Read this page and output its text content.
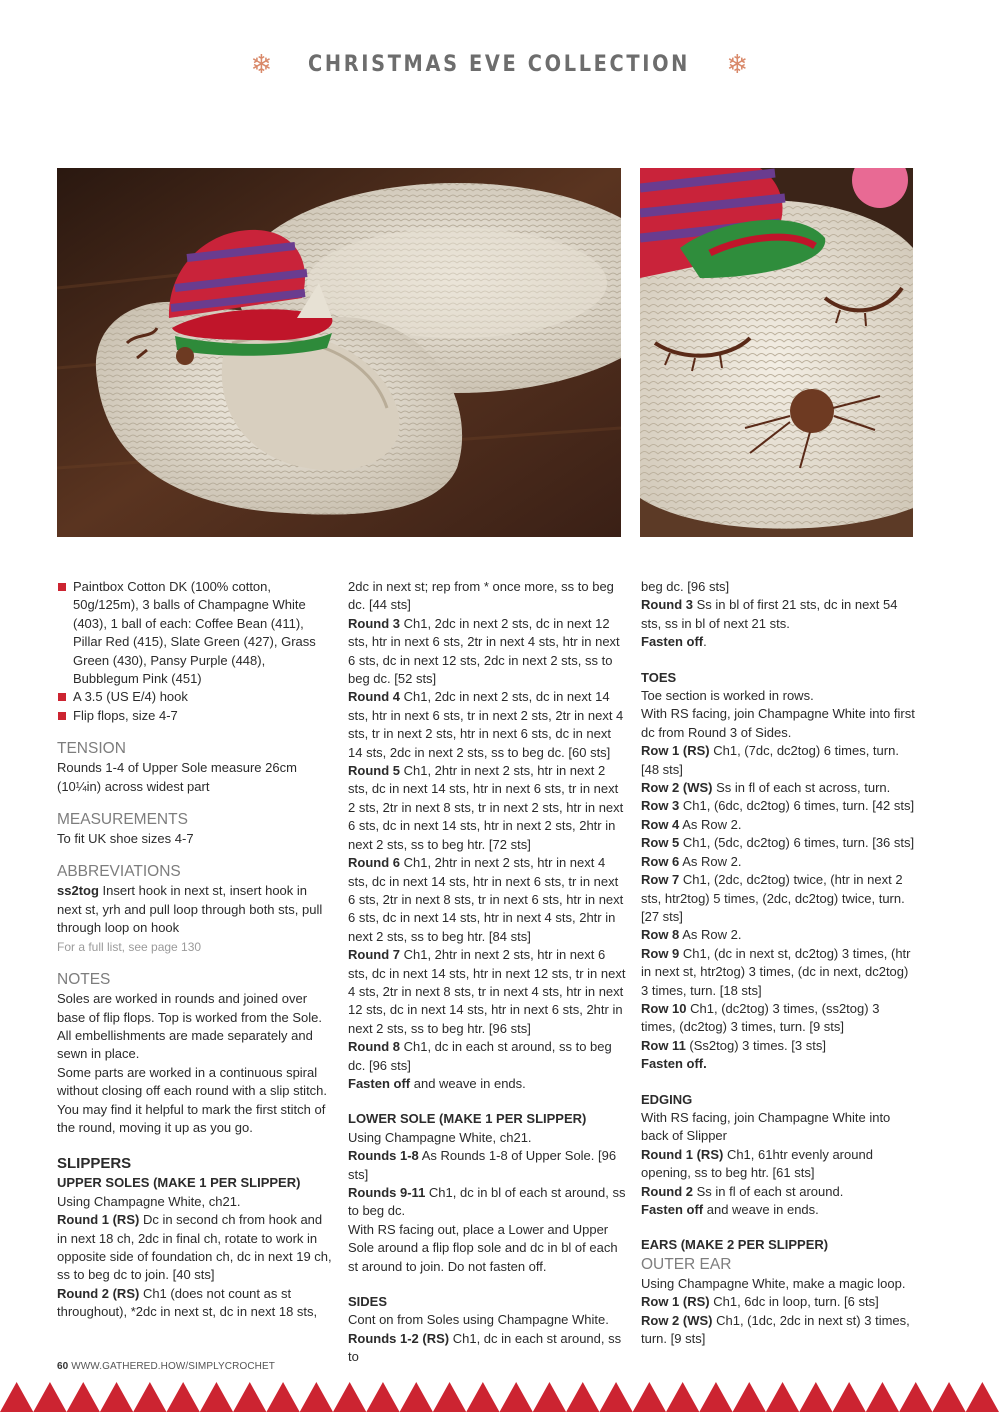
❄ CHRISTMAS EVE COLLECTION ❄
Paintbox Cotton DK (100% cotton, 50g/125m), 3 balls of Champagne White (403), 1 ball of each: Coffee Bean (411), Pillar Red (415), Slate Green (427), Grass Green (430), Pansy Purple (448), Bubblegum Pink (451)
A 3.5 (US E/4) hook
Flip flops, size 4-7
TENSION

Rounds 1-4 of Upper Sole measure 26cm (10¼in) across widest part

MEASUREMENTS

To fit UK shoe sizes 4-7

ABBREVIATIONS

ss2tog Insert hook in next st, insert hook in next st, yrh and pull loop through both sts, pull through loop on hook

For a full list, see page 130

NOTES

Soles are worked in rounds and joined over base of flip flops. Top is worked from the Sole.

All embellishments are made separately and sewn in place.

Some parts are worked in a continuous spiral without closing off each round with a slip stitch. You may find it helpful to mark the first stitch of the round, moving it up as you go.

SLIPPERS
UPPER SOLES (MAKE 1 PER SLIPPER)

Using Champagne White, ch21.

Round 1 (RS) Dc in second ch from hook and in next 18 ch, 2dc in final ch, rotate to work in opposite side of foundation ch, dc in next 19 ch, ss to beg dc to join. [40 sts]

Round 2 (RS) Ch1 (does not count as st throughout), *2dc in next st, dc in next 18 sts,

2dc in next st; rep from * once more, ss to beg dc. [44 sts]

Round 3 Ch1, 2dc in next 2 sts, dc in next 12 sts, htr in next 6 sts, 2tr in next 4 sts, htr in next 6 sts, dc in next 12 sts, 2dc in next 2 sts, ss to beg dc. [52 sts]

Round 4 Ch1, 2dc in next 2 sts, dc in next 14 sts, htr in next 6 sts, tr in next 2 sts, 2tr in next 4 sts, tr in next 2 sts, htr in next 6 sts, dc in next 14 sts, 2dc in next 2 sts, ss to beg dc. [60 sts]

Round 5 Ch1, 2htr in next 2 sts, htr in next 2 sts, dc in next 14 sts, htr in next 6 sts, tr in next 2 sts, 2tr in next 8 sts, tr in next 2 sts, htr in next 6 sts, dc in next 14 sts, htr in next 2 sts, 2htr in next 2 sts, ss to beg htr. [72 sts]

Round 6 Ch1, 2htr in next 2 sts, htr in next 4 sts, dc in next 14 sts, htr in next 6 sts, tr in next 6 sts, 2tr in next 8 sts, tr in next 6 sts, htr in next 6 sts, dc in next 14 sts, htr in next 4 sts, 2htr in next 2 sts, ss to beg htr. [84 sts]

Round 7 Ch1, 2htr in next 2 sts, htr in next 6 sts, dc in next 14 sts, htr in next 12 sts, tr in next 4 sts, 2tr in next 8 sts, tr in next 4 sts, htr in next 12 sts, dc in next 14 sts, htr in next 6 sts, 2htr in next 2 sts, ss to beg htr. [96 sts]

Round 8 Ch1, dc in each st around, ss to beg dc. [96 sts]

Fasten off and weave in ends.

LOWER SOLE (MAKE 1 PER SLIPPER)

Using Champagne White, ch21.

Rounds 1-8 As Rounds 1-8 of Upper Sole. [96 sts]

Rounds 9-11 Ch1, dc in bl of each st around, ss to beg dc.

With RS facing out, place a Lower and Upper Sole around a flip flop sole and dc in bl of each st around to join. Do not fasten off.

SIDES

Cont on from Soles using Champagne White.

Rounds 1-2 (RS) Ch1, dc in each st around, ss to

beg dc. [96 sts]

Round 3 Ss in bl of first 21 sts, dc in next 54 sts, ss in bl of next 21 sts.

Fasten off.

TOES

Toe section is worked in rows.

With RS facing, join Champagne White into first dc from Round 3 of Sides.

Row 1 (RS) Ch1, (7dc, dc2tog) 6 times, turn. [48 sts]

Row 2 (WS) Ss in fl of each st across, turn.

Row 3 Ch1, (6dc, dc2tog) 6 times, turn. [42 sts]

Row 4 As Row 2.

Row 5 Ch1, (5dc, dc2tog) 6 times, turn. [36 sts]

Row 6 As Row 2.

Row 7 Ch1, (2dc, dc2tog) twice, (htr in next 2 sts, htr2tog) 5 times, (2dc, dc2tog) twice, turn. [27 sts]

Row 8 As Row 2.

Row 9 Ch1, (dc in next st, dc2tog) 3 times, (htr in next st, htr2tog) 3 times, (dc in next, dc2tog) 3 times, turn. [18 sts]

Row 10 Ch1, (dc2tog) 3 times, (ss2tog) 3 times, (dc2tog) 3 times, turn. [9 sts]

Row 11 (Ss2tog) 3 times. [3 sts]

Fasten off.

EDGING

With RS facing, join Champagne White into back of Slipper

Round 1 (RS) Ch1, 61htr evenly around opening, ss to beg htr. [61 sts]

Round 2 Ss in fl of each st around.

Fasten off and weave in ends.

EARS (MAKE 2 PER SLIPPER)
OUTER EAR

Using Champagne White, make a magic loop.

Row 1 (RS) Ch1, 6dc in loop, turn. [6 sts]

Row 2 (WS) Ch1, (1dc, 2dc in next st) 3 times, turn. [9 sts]

60 WWW.GATHERED.HOW/SIMPLYCROCHET
